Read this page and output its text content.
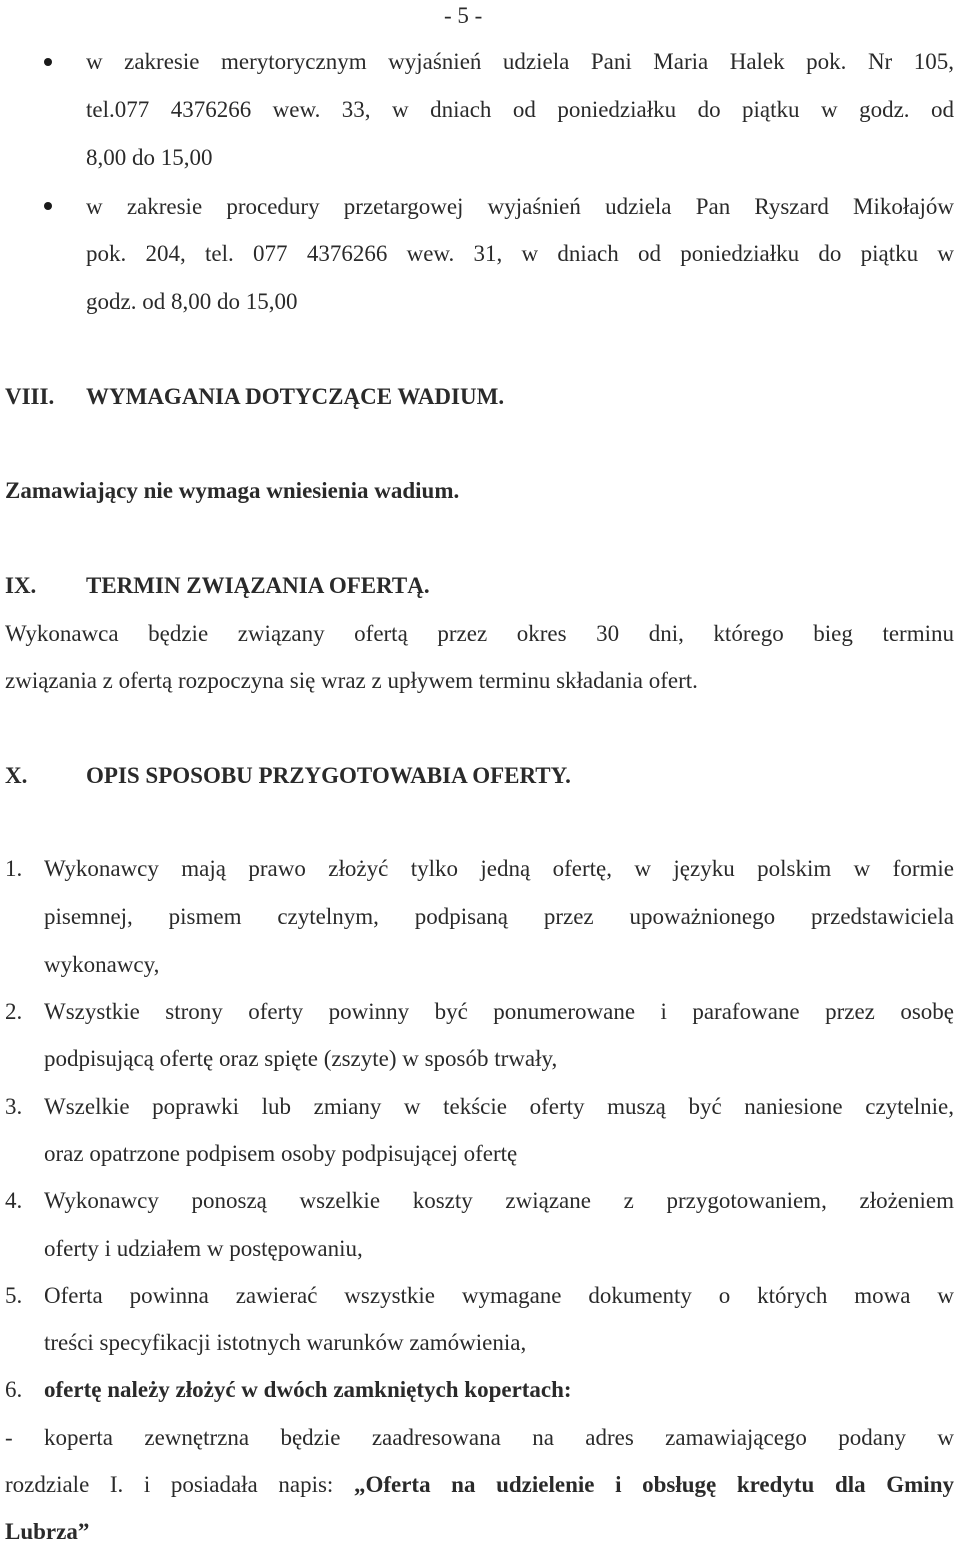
- 5 -
w zakresie merytorycznym wyjaśnień udziela Pani Maria Halek pok. Nr 105,
tel.077 4376266 wew. 33, w dniach od poniedziałku do piątku w godz. od
8,00 do 15,00
w zakresie procedury przetargowej wyjaśnień udziela Pan Ryszard Mikołajów
pok. 204, tel. 077 4376266 wew. 31, w dniach od poniedziałku do piątku w
godz. od 8,00 do 15,00
VIII. WYMAGANIA DOTYCZĄCE WADIUM.
Zamawiający nie wymaga wniesienia wadium.
IX. TERMIN ZWIĄZANIA OFERTĄ.
Wykonawca będzie związany ofertą przez okres 30 dni, którego bieg terminu
związania z ofertą rozpoczyna się wraz z upływem terminu składania ofert.
X.	OPIS SPOSOBU PRZYGOTOWABIA OFERTY.
1. Wykonawcy mają prawo złożyć tylko jedną ofertę, w języku polskim w formie
pisemnej, pismem czytelnym, podpisaną przez upoważnionego przedstawiciela
wykonawcy,
2. Wszystkie strony oferty powinny być ponumerowane i parafowane przez osobę
podpisującą ofertę oraz spięte (zszyte) w sposób trwały,
3. Wszelkie poprawki lub zmiany w tekście oferty muszą być naniesione czytelnie,
oraz opatrzone podpisem osoby podpisującej ofertę
4. Wykonawcy ponoszą wszelkie koszty związane z przygotowaniem, złożeniem
oferty i udziałem w postępowaniu,
5. Oferta powinna zawierać wszystkie wymagane dokumenty o których mowa w
treści specyfikacji istotnych warunków zamówienia,
6. ofertę należy złożyć w dwóch zamkniętych kopertach:
- koperta zewnętrzna będzie zaadresowana na adres zamawiającego podany w
rozdziale I. i posiadała napis: „Oferta na udzielenie i obsługę kredytu dla Gminy
Lubrza”
